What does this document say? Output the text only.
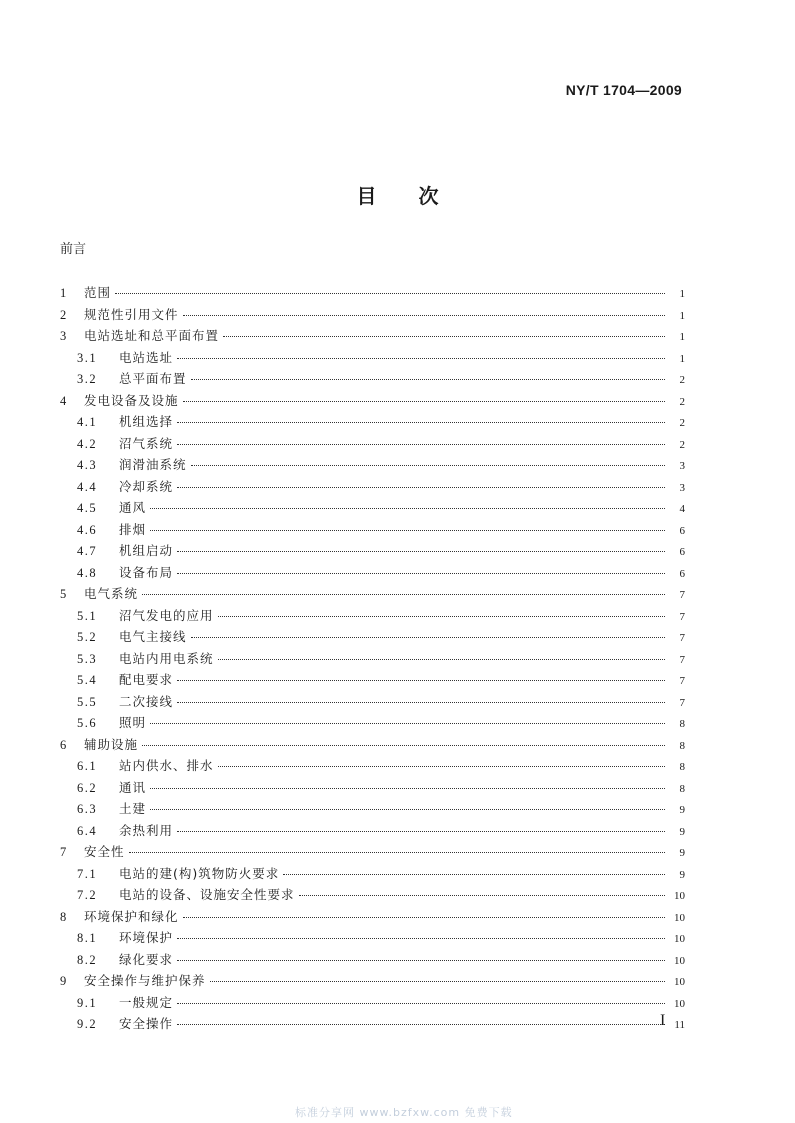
NY/T 1704—2009
目次
前言
1	范围	1
2	规范性引用文件	1
3	电站选址和总平面布置	1
3.1	电站选址	1
3.2	总平面布置	2
4	发电设备及设施	2
4.1	机组选择	2
4.2	沼气系统	2
4.3	润滑油系统	3
4.4	冷却系统	3
4.5	通风	4
4.6	排烟	6
4.7	机组启动	6
4.8	设备布局	6
5	电气系统	7
5.1	沼气发电的应用	7
5.2	电气主接线	7
5.3	电站内用电系统	7
5.4	配电要求	7
5.5	二次接线	7
5.6	照明	8
6	辅助设施	8
6.1	站内供水、排水	8
6.2	通讯	8
6.3	土建	9
6.4	余热利用	9
7	安全性	9
7.1	电站的建(构)筑物防火要求	9
7.2	电站的设备、设施安全性要求	10
8	环境保护和绿化	10
8.1	环境保护	10
8.2	绿化要求	10
9	安全操作与维护保养	10
9.1	一般规定	10
9.2	安全操作	11
I
标准分享网 www.bzfxw.com 免费下载
